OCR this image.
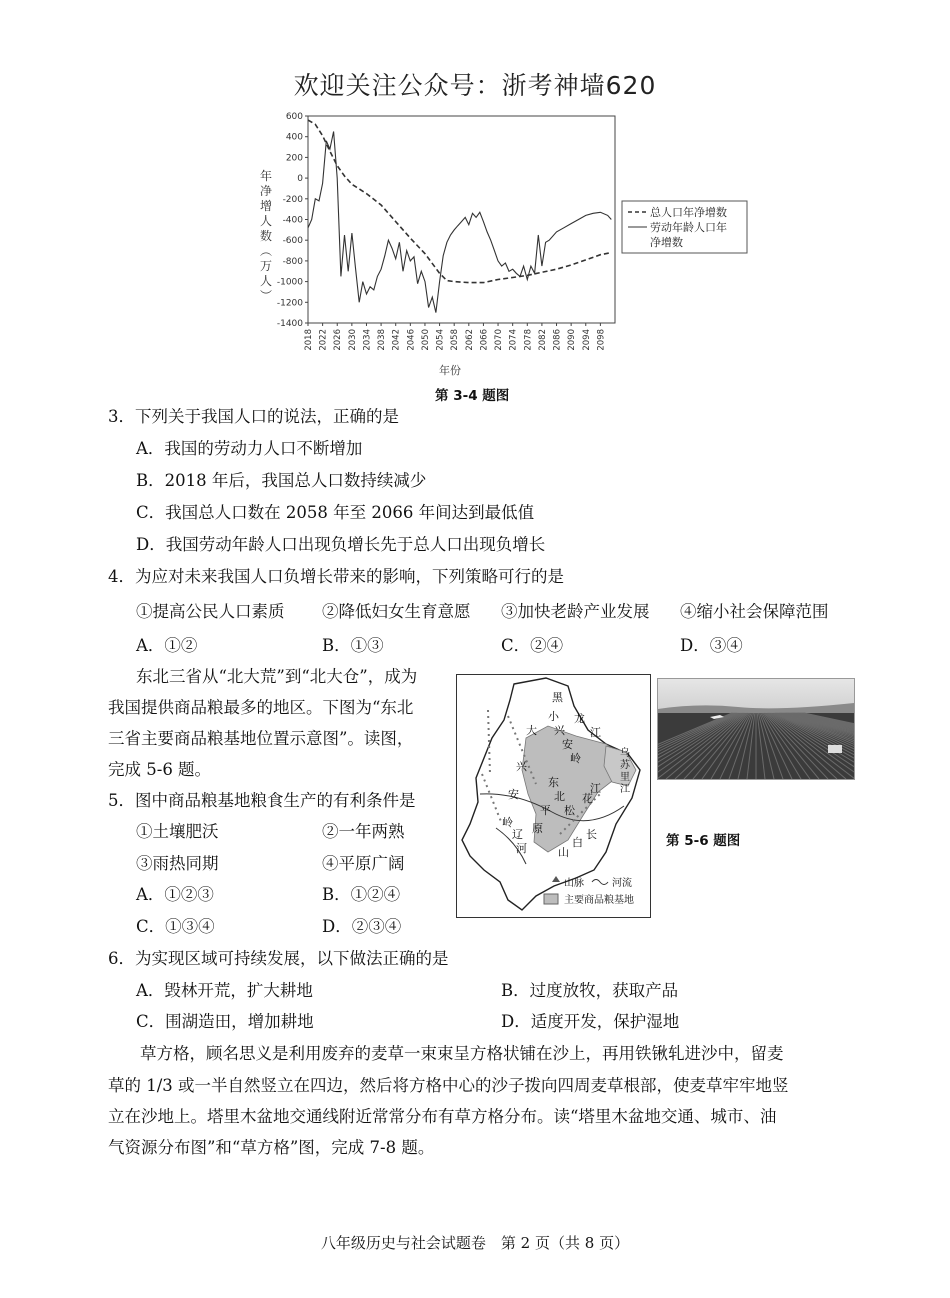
欢迎关注公众号：浙考神墙620
600
400
200
0
-200
-400
-600
-800
-1000
-1200
-1400
2018 2022 2026 2030 2034 2038 2042 2046 2050 2054 2058 2062 2066 2070 2074 2078 2082 2086 2090 2094 2098
年净增人数︵万人︶
年份
总人口年净增数
劳动年龄人口年
净增数
第 3-4 题图
3．下列关于我国人口的说法，正确的是
A．我国的劳动力人口不断增加
B．2018 年后，我国总人口数持续减少
C．我国总人口数在 2058 年至 2066 年间达到最低值
D．我国劳动年龄人口出现负增长先于总人口出现负增长
4．为应对未来我国人口负增长带来的影响，下列策略可行的是
①提高公民人口素质 ②降低妇女生育意愿 ③加快老龄产业发展 ④缩小社会保障范围
A．①②	B．①③	C．②④	D．③④
东北三省从“北大荒”到“北大仓”，成为
我国提供商品粮最多的地区。下图为“东北
三省主要商品粮基地位置示意图”。读图，
完成 5-6 题。
5．图中商品粮基地粮食生产的有利条件是
①土壤肥沃	②一年两熟
③雨热同期	④平原广阔
A．①②③	B．①②④
C．①③④	D．②③④
黑
龙
江
小
兴
安
岭
大
兴
安
岭
乌
苏
里
江
东
北
平
原
松
花
江
辽
河
长
白
山
山脉	河流
主要商品粮基地
第 5-6 题图
6．为实现区域可持续发展，以下做法正确的是
A．毁林开荒，扩大耕地	B．过度放牧，获取产品
C．围湖造田，增加耕地	D．适度开发，保护湿地
草方格，顾名思义是利用废弃的麦草一束束呈方格状铺在沙上，再用铁锹轧进沙中，留麦
草的 1/3 或一半自然竖立在四边，然后将方格中心的沙子拨向四周麦草根部，使麦草牢牢地竖
立在沙地上。塔里木盆地交通线附近常常分布有草方格分布。读“塔里木盆地交通、城市、油
气资源分布图”和“草方格”图，完成 7-8 题。
八年级历史与社会试题卷　第 2 页（共 8 页）
